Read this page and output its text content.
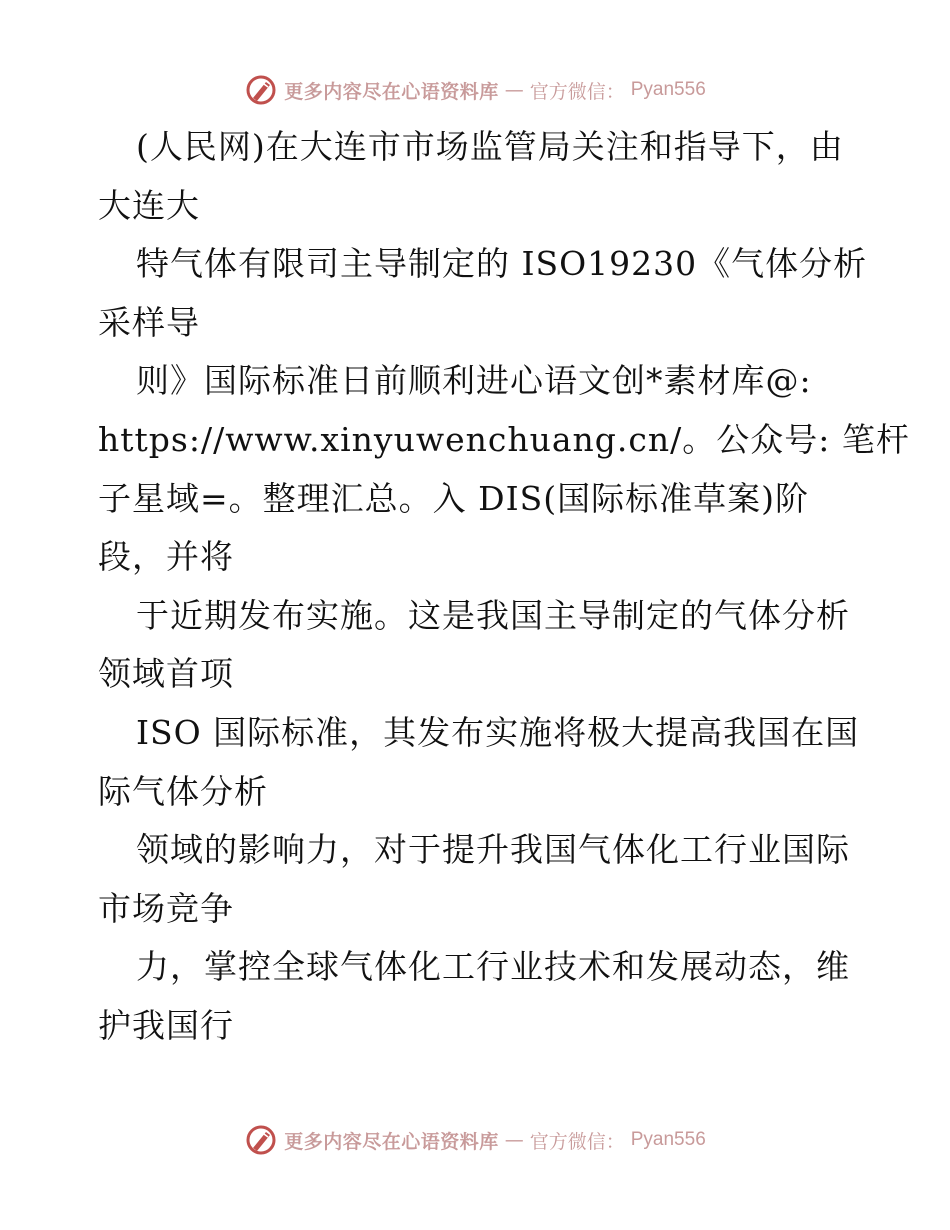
更多内容尽在心语资料库 — 官方微信： Pyan556
(人民网)在大连市市场监管局关注和指导下，由
大连大
特气体有限司主导制定的 ISO19230《气体分析
采样导
则》国际标准日前顺利进心语文创*素材库@:
https://www.xinyuwenchuang.cn/。公众号: 笔杆
子星域=。整理汇总。入 DIS(国际标准草案)阶
段，并将
于近期发布实施。这是我国主导制定的气体分析
领域首项
ISO 国际标准，其发布实施将极大提高我国在国
际气体分析
领域的影响力，对于提升我国气体化工行业国际
市场竞争
力，掌控全球气体化工行业技术和发展动态，维
护我国行
更多内容尽在心语资料库 — 官方微信： Pyan556
